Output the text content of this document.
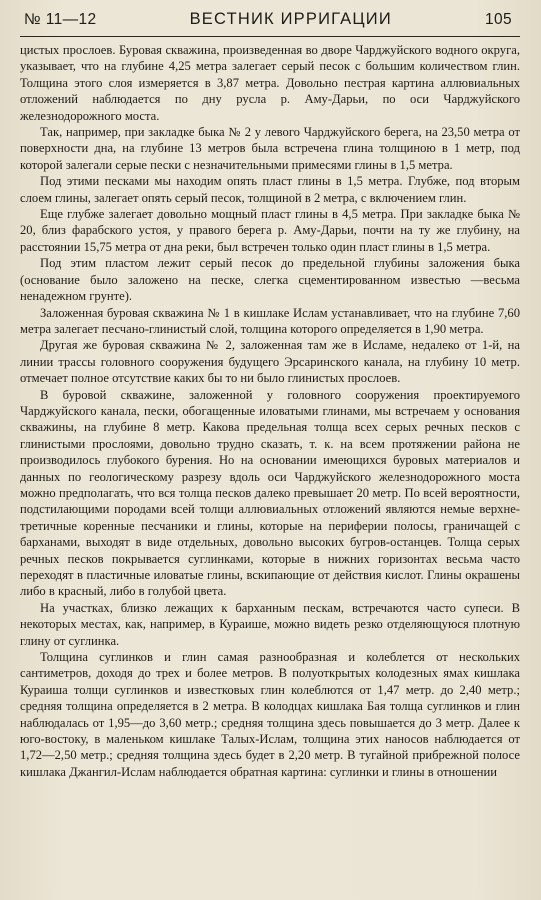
№ 11—12	ВЕСТНИК ИРРИГАЦИИ	105

цистых прослоев. Буровая скважина, произведенная во дворе Чарджуйского водного округа, указывает, что на глубине 4,25 метра залегает серый песок с большим количеством глин. Толщина этого слоя измеряется в 3,87 метра. Довольно пестрая картина аллювиальных отложений наблюдается по дну русла р. Аму-Дарьи, по оси Чарджуйского железнодорожного моста.

Так, например, при закладке быка № 2 у левого Чарджуйского берега, на 23,50 метра от поверхности дна, на глубине 13 метров была встречена глина толщиною в 1 метр, под которой залегали серые пески с незначительными примесями глины в 1,5 метра.

Под этими песками мы находим опять пласт глины в 1,5 метра. Глубже, под вторым слоем глины, залегает опять серый песок, толщиной в 2 метра, с включением глин.

Еще глубже залегает довольно мощный пласт глины в 4,5 метра. При закладке быка № 20, близ фарабского устоя, у правого берега р. Аму-Дарьи, почти на ту же глубину, на расстоянии 15,75 метра от дна реки, был встречен только один пласт глины в 1,5 метра.

Под этим пластом лежит серый песок до предельной глубины заложения быка (основание было заложено на песке, слегка сцементированном известью —весьма ненадежном грунте).

Заложенная буровая скважина № 1 в кишлаке Ислам устанавливает, что на глубине 7,60 метра залегает песчано-глинистый слой, толщина которого определяется в 1,90 метра.

Другая же буровая скважина № 2, заложенная там же в Исламе, недалеко от 1-й, на линии трассы головного сооружения будущего Эрсаринского канала, на глубину 10 метр. отмечает полное отсутствие каких бы то ни было глинистых прослоев.

В буровой скважине, заложенной у головного сооружения проектируемого Чарджуйского канала, пески, обогащенные иловатыми глинами, мы встречаем у основания скважины, на глубине 8 метр. Какова предельная толща всех серых речных песков с глинистыми прослоями, довольно трудно сказать, т. к. на всем протяжении района не производилось глубокого бурения. Но на основании имеющихся буровых материалов и данных по геологическому разрезу вдоль оси Чарджуйского железнодорожного моста можно предполагать, что вся толща песков далеко превышает 20 метр. По всей вероятности, подстилающими породами всей толщи аллювиальных отложений являются немые верхне-третичные коренные песчаники и глины, которые на периферии полосы, граничащей с барханами, выходят в виде отдельных, довольно высоких бугров-останцев. Толща серых речных песков покрывается суглинками, которые в нижних горизонтах весьма часто переходят в пластичные иловатые глины, вскипающие от действия кислот. Глины окрашены либо в красный, либо в голубой цвета.

На участках, близко лежащих к барханным пескам, встречаются часто супеси. В некоторых местах, как, например, в Кураише, можно видеть резко отделяющуюся плотную глину от суглинка.

Толщина суглинков и глин самая разнообразная и колеблется от нескольких сантиметров, доходя до трех и более метров. В полуоткрытых колодезных ямах кишлака Кураиша толщи суглинков и известковых глин колеблются от 1,47 метр. до 2,40 метр.; средняя толщина определяется в 2 метра. В колодцах кишлака Бая толща суглинков и глин наблюдалась от 1,95—до 3,60 метр.; средняя толщина здесь повышается до 3 метр. Далее к юго-востоку, в маленьком кишлаке Талых-Ислам, толщина этих наносов наблюдается от 1,72—2,50 метр.; средняя толщина здесь будет в 2,20 метр. В тугайной прибрежной полосе кишлака Джангил-Ислам наблюдается обратная картина: суглинки и глины в отношении
